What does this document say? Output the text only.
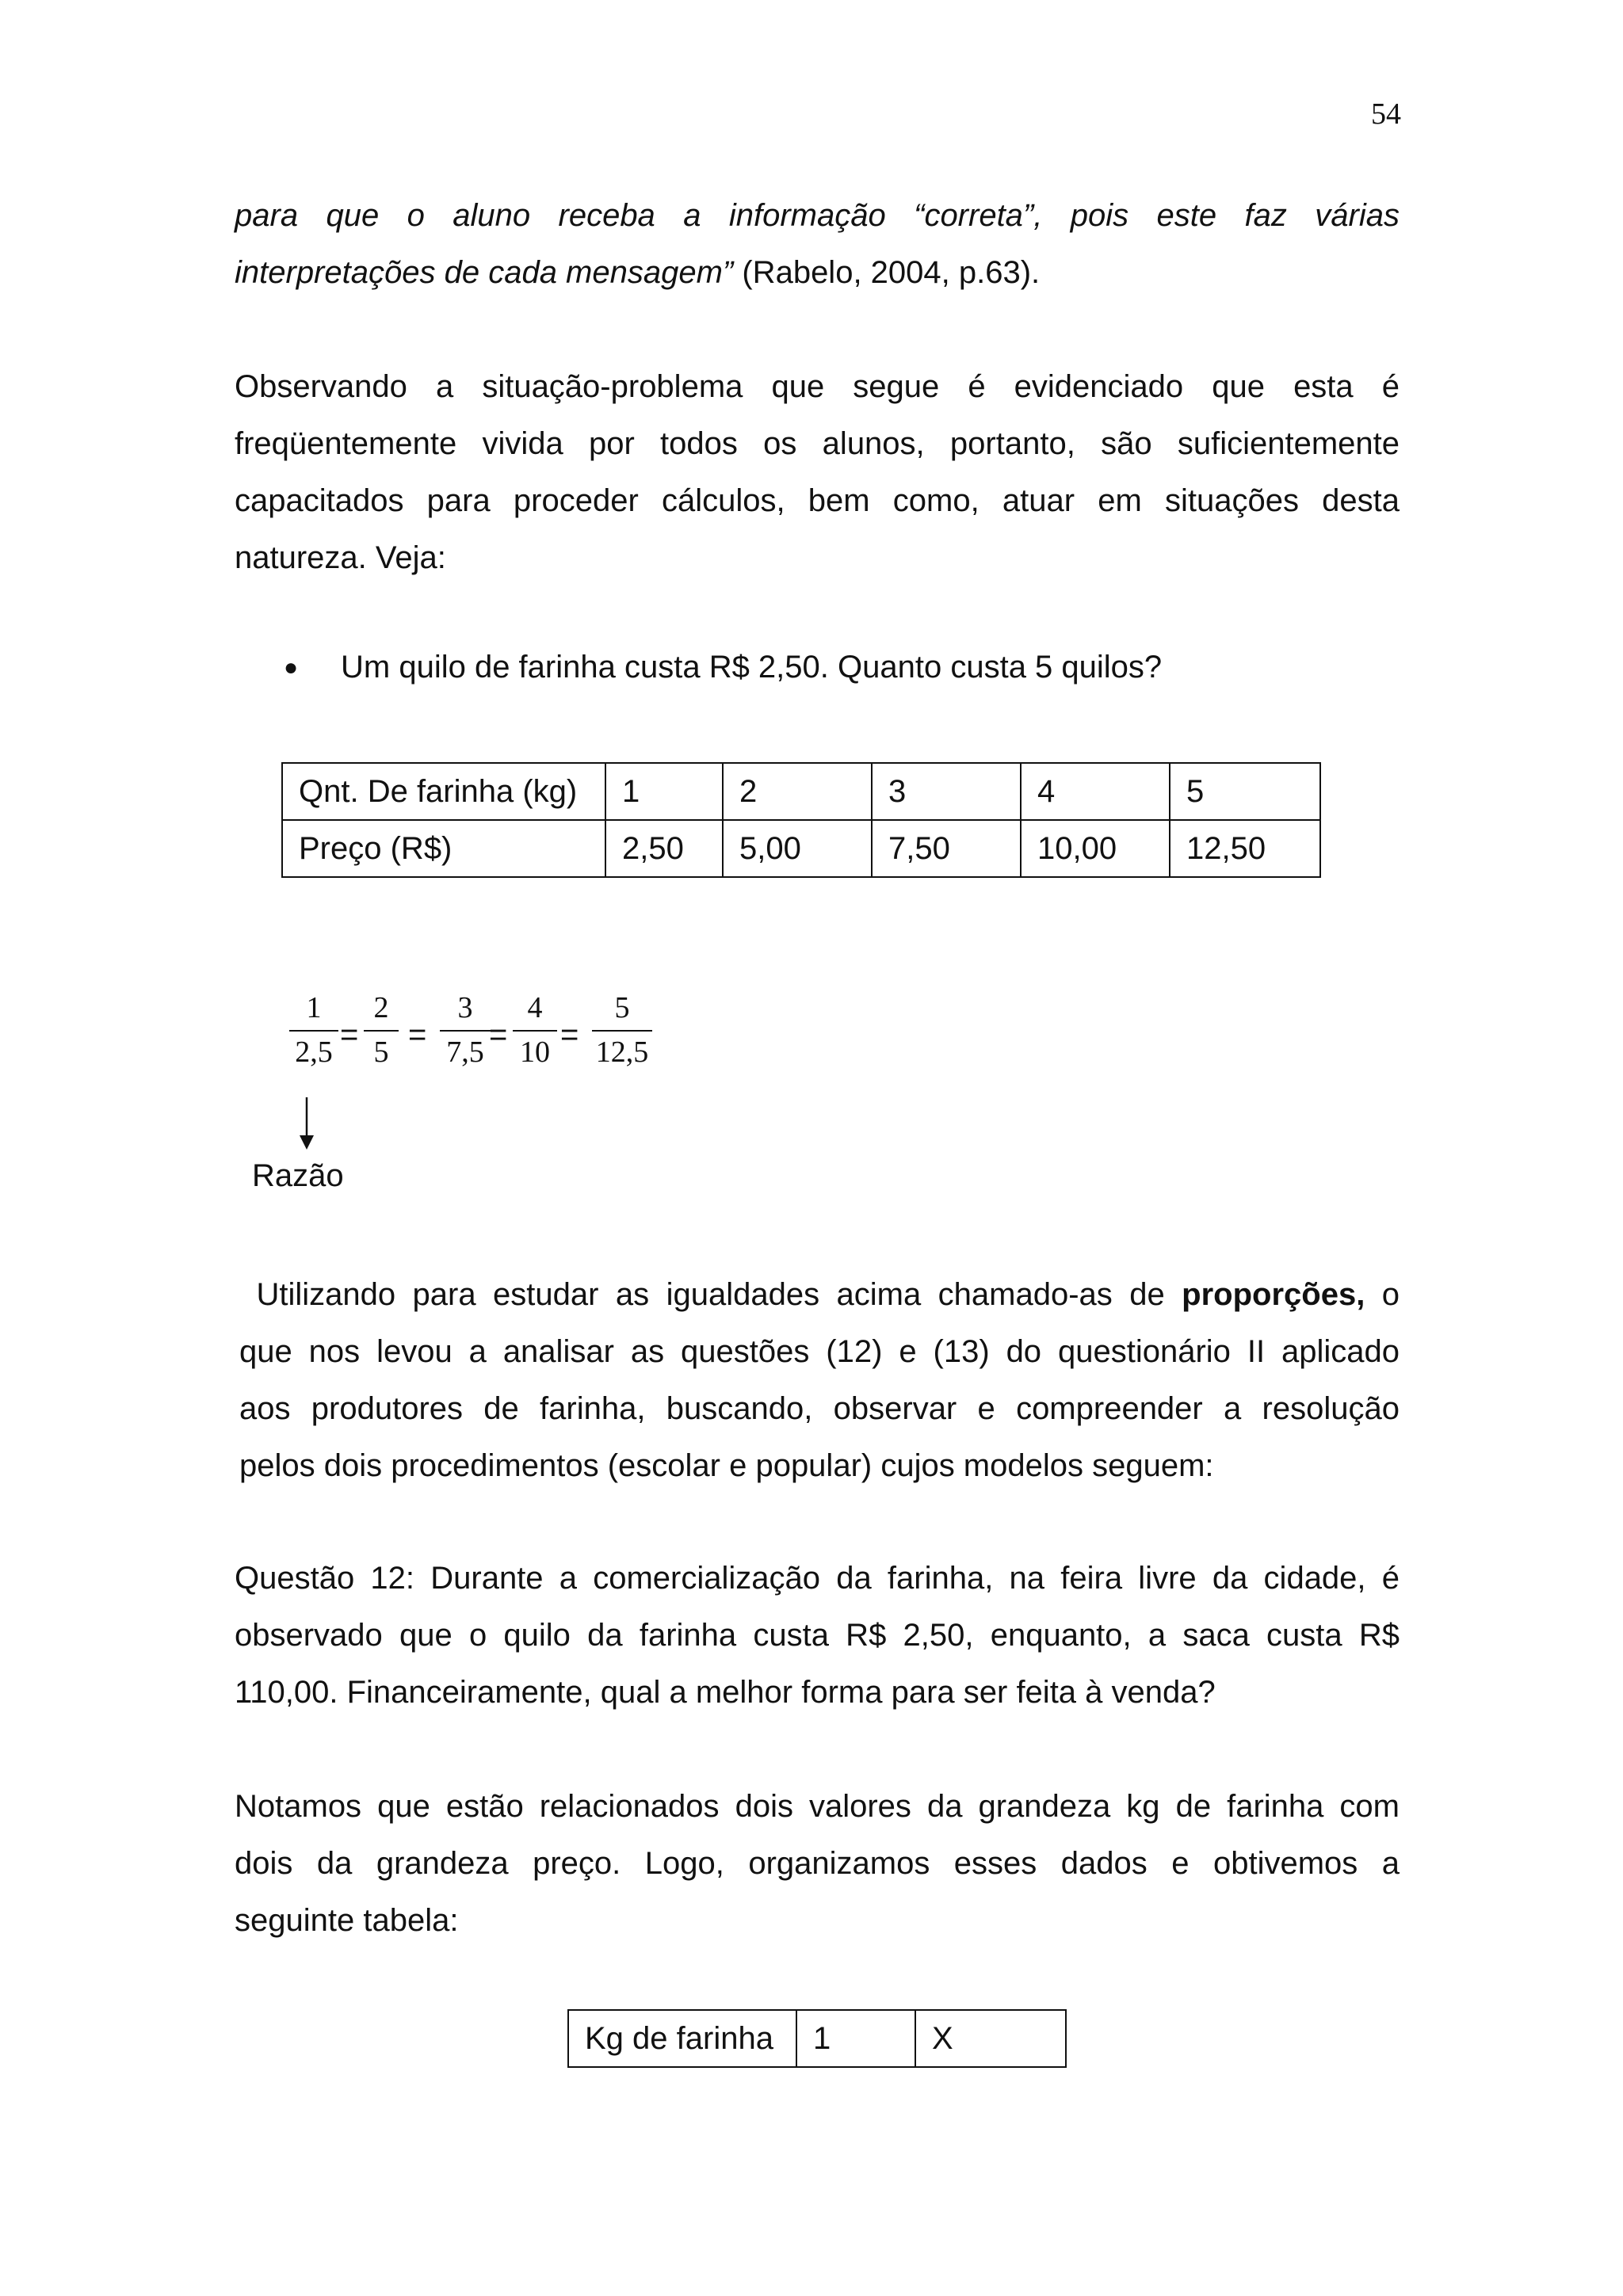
54
para que o aluno receba a informação “correta”, pois este faz várias
interpretações de cada mensagem” (Rabelo, 2004, p.63).
Observando a situação-problema que segue é evidenciado que esta é
freqüentemente vivida por todos os alunos, portanto, são suficientemente
capacitados para proceder cálculos, bem como, atuar em situações desta
natureza. Veja:
● Um quilo de farinha custa R$ 2,50. Quanto custa 5 quilos?
Qnt. De farinha (kg)	1	2	3	4	5
Preço (R$)	2,50	5,00	7,50	10,00	12,50
1
2,5 =
2
5 =
3
7,5 =
4
10 =
5
12,5
Razão
Utilizando para estudar as igualdades acima chamado-as de proporções, o
que nos levou a analisar as questões (12) e (13) do questionário II aplicado
aos produtores de farinha, buscando, observar e compreender a resolução
pelos dois procedimentos (escolar e popular) cujos modelos seguem:
Questão 12: Durante a comercialização da farinha, na feira livre da cidade, é
observado que o quilo da farinha custa R$ 2,50, enquanto, a saca custa R$
110,00. Financeiramente, qual a melhor forma para ser feita à venda?
Notamos que estão relacionados dois valores da grandeza kg de farinha com
dois da grandeza preço. Logo, organizamos esses dados e obtivemos a
seguinte tabela:
Kg de farinha	1	X
